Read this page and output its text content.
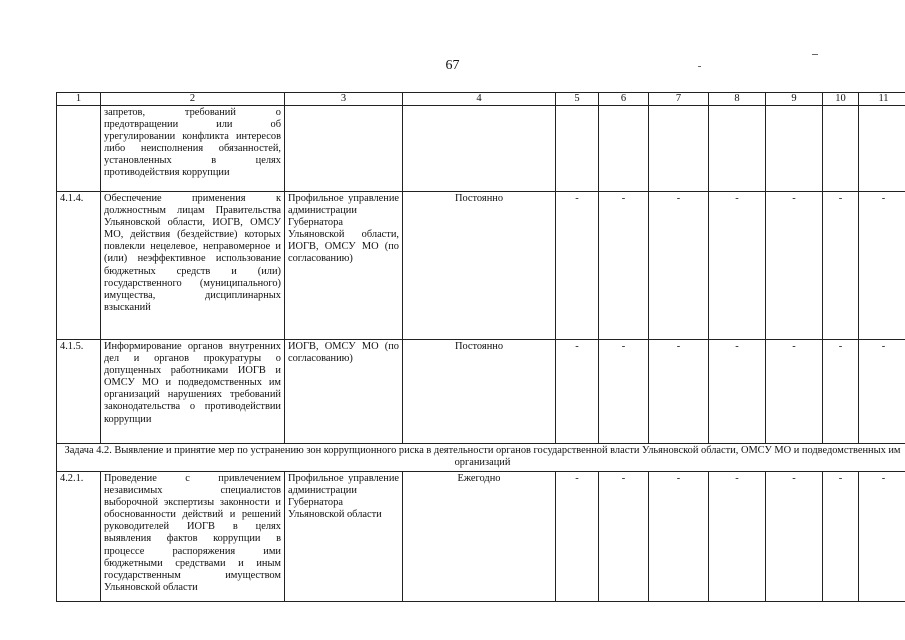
67
1	2	3	4	5	6	7	8	9	10	11
	запретов, требований о предотвращении или об урегулировании конфликта интересов либо неисполнения обязанностей, установленных в целях противодействия коррупции									
4.1.4.	Обеспечение применения к должностным лицам Правительства Ульяновской области, ИОГВ, ОМСУ МО, действия (бездействие) которых повлекли нецелевое, неправомерное и (или) неэффективное использование бюджетных средств и (или) государственного (муниципального) имущества, дисциплинарных взысканий	Профильное управление администрации Губернатора Ульяновской области, ИОГВ, ОМСУ МО (по согласованию)	Постоянно	-	-	-	-	-	-	-
4.1.5.	Информирование органов внутренних дел и органов прокуратуры о допущенных работниками ИОГВ и ОМСУ МО и подведомственных им организаций нарушениях требований законодательства о противодействии коррупции	ИОГВ, ОМСУ МО (по согласованию)	Постоянно	-	-	-	-	-	-	-
Задача 4.2. Выявление и принятие мер по устранению зон коррупционного риска в деятельности органов государственной власти Ульяновской области, ОМСУ МО и подведомственных им организаций										
4.2.1.	Проведение с привлечением независимых специалистов выборочной экспертизы законности и обоснованности действий и решений руководителей ИОГВ в целях выявления фактов коррупции в процессе распоряжения ими бюджетными средствами и иным государственным имуществом Ульяновской области	Профильное управление администрации Губернатора Ульяновской области	Ежегодно	-	-	-	-	-	-	-
